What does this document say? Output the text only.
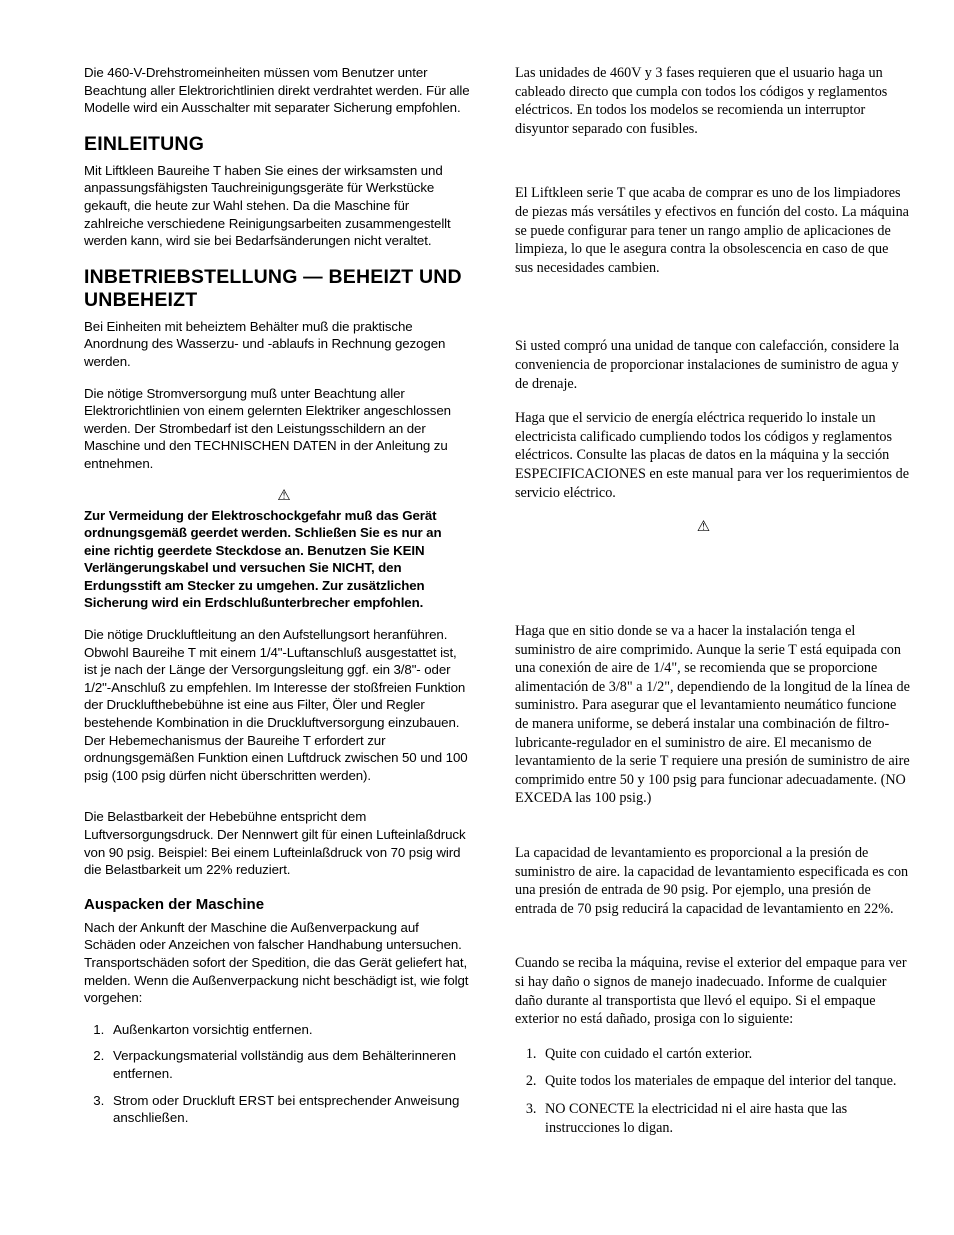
Die 460-V-Drehstromeinheiten müssen vom Benutzer unter Beachtung aller Elektrorichtlinien direkt verdrahtet werden. Für alle Modelle wird ein Ausschalter mit separater Sicherung empfohlen.

EINLEITUNG

Mit Liftkleen Baureihe T haben Sie eines der wirksamsten und anpassungsfähigsten Tauchreinigungsgeräte für Werkstücke gekauft, die heute zur Wahl stehen. Da die Maschine für zahlreiche verschiedene Reinigungsarbeiten zusammengestellt werden kann, wird sie bei Bedarfsänderungen nicht veraltet.

INBETRIEBSTELLUNG — BEHEIZT UND UNBEHEIZT

Bei Einheiten mit beheiztem Behälter muß die praktische Anordnung des Wasserzu- und -ablaufs in Rechnung gezogen werden.

Die nötige Stromversorgung muß unter Beachtung aller Elektrorichtlinien von einem gelernten Elektriker angeschlossen werden. Der Strombedarf ist den Leistungsschildern an der Maschine und den TECHNISCHEN DATEN in der Anleitung zu entnehmen.

⚠

Zur Vermeidung der Elektroschockgefahr muß das Gerät ordnungsgemäß geerdet werden. Schließen Sie es nur an eine richtig geerdete Steckdose an. Benutzen Sie KEIN Verlängerungskabel und versuchen Sie NICHT, den Erdungsstift am Stecker zu umgehen. Zur zusätzlichen Sicherung wird ein Erdschlußunterbrecher empfohlen.

Die nötige Druckluftleitung an den Aufstellungsort heranführen. Obwohl Baureihe T mit einem 1/4"-Luftanschluß ausgestattet ist, ist je nach der Länge der Versorgungsleitung ggf. ein 3/8"- oder 1/2"-Anschluß zu empfehlen. Im Interesse der stoßfreien Funktion der Drucklufthebebühne ist eine aus Filter, Öler und Regler bestehende Kombination in die Druckluftversorgung einzubauen. Der Hebemechanismus der Baureihe T erfordert zur ordnungsgemäßen Funktion einen Luftdruck zwischen 50 und 100 psig (100 psig dürfen nicht überschritten werden).

Die Belastbarkeit der Hebebühne entspricht dem Luftversorgungsdruck. Der Nennwert gilt für einen Lufteinlaßdruck von 90 psig. Beispiel: Bei einem Lufteinlaßdruck von 70 psig wird die Belastbarkeit um 22% reduziert.

Auspacken der Maschine

Nach der Ankunft der Maschine die Außenverpackung auf Schäden oder Anzeichen von falscher Handhabung untersuchen. Transportschäden sofort der Spedition, die das Gerät geliefert hat, melden. Wenn die Außenverpackung nicht beschädigt ist, wie folgt vorgehen:

1. Außenkarton vorsichtig entfernen.
2. Verpackungsmaterial vollständig aus dem Behälterinneren entfernen.
3. Strom oder Druckluft ERST bei entsprechender Anweisung anschließen.

Las unidades de 460V y 3 fases requieren que el usuario haga un cableado directo que cumpla con todos los códigos y reglamentos eléctricos. En todos los modelos se recomienda un interruptor disyuntor separado con fusibles.

El Liftkleen serie T que acaba de comprar es uno de los limpiadores de piezas más versátiles y efectivos en función del costo. La máquina se puede configurar para tener un rango amplio de aplicaciones de limpieza, lo que le asegura contra la obsolescencia en caso de que sus necesidades cambien.

Si usted compró una unidad de tanque con calefacción, considere la conveniencia de proporcionar instalaciones de suministro de agua y de drenaje.

Haga que el servicio de energía eléctrica requerido lo instale un electricista calificado cumpliendo todos los códigos y reglamentos eléctricos. Consulte las placas de datos en la máquina y la sección ESPECIFICACIONES en este manual para ver los requerimientos de servicio eléctrico.

⚠

Haga que en sitio donde se va a hacer la instalación tenga el suministro de aire comprimido. Aunque la serie T está equipada con una conexión de aire de 1/4", se recomienda que se proporcione alimentación de 3/8" a 1/2", dependiendo de la longitud de la línea de suministro. Para asegurar que el levantamiento neumático funcione de manera uniforme, se deberá instalar una combinación de filtro-lubricante-regulador en el suministro de aire. El mecanismo de levantamiento de la serie T requiere una presión de suministro de aire comprimido entre 50 y 100 psig para funcionar adecuadamente. (NO EXCEDA las 100 psig.)

La capacidad de levantamiento es proporcional a la presión de suministro de aire. la capacidad de levantamiento especificada es con una presión de entrada de 90 psig. Por ejemplo, una presión de entrada de 70 psig reducirá la capacidad de levantamiento en 22%.

Cuando se reciba la máquina, revise el exterior del empaque para ver si hay daño o signos de manejo inadecuado. Informe de cualquier daño durante al transportista que llevó el equipo. Si el empaque exterior no está dañado, prosiga con lo siguiente:

1. Quite con cuidado el cartón exterior.
2. Quite todos los materiales de empaque del interior del tanque.
3. NO CONECTE la electricidad ni el aire hasta que las instrucciones lo digan.
